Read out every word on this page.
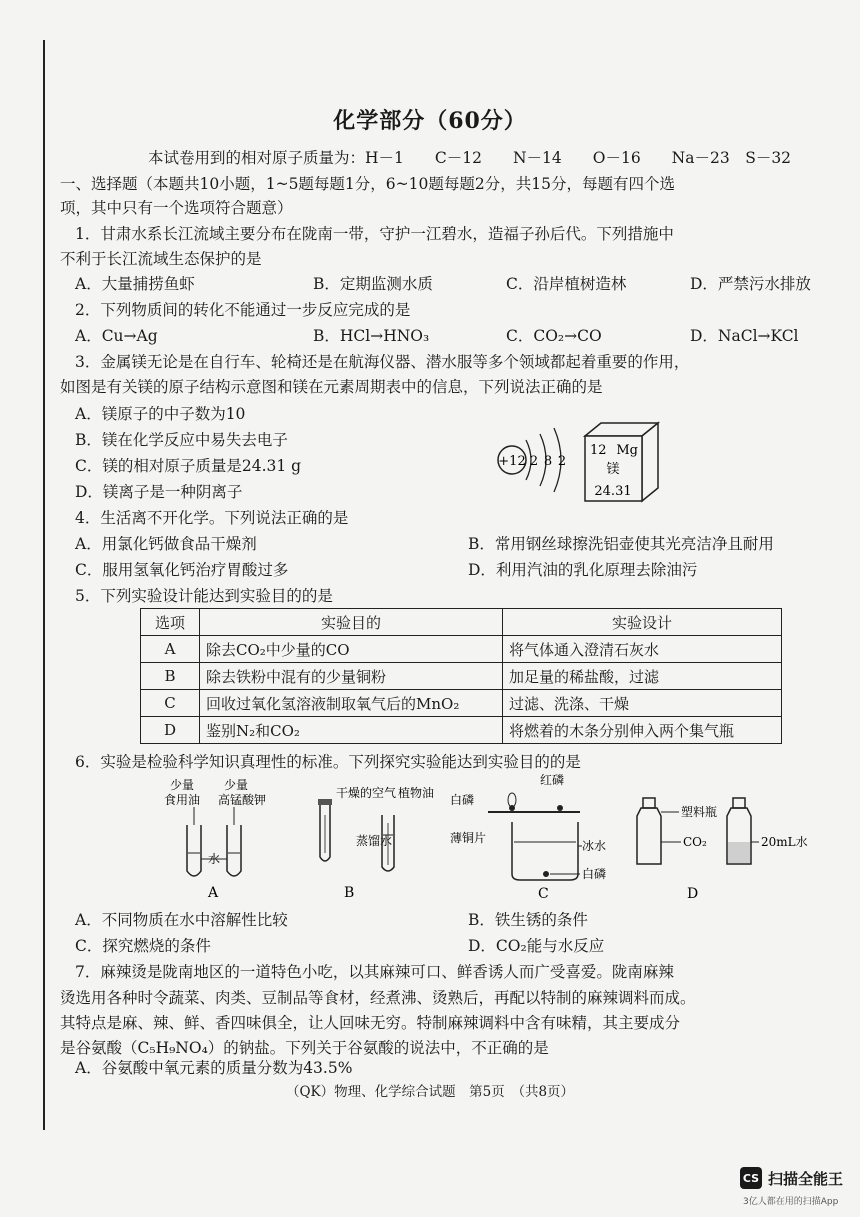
化学部分（60分）
本试卷用到的相对原子质量为：H－1　　C－12　　N－14　　O－16　　Na－23　S－32
一、选择题（本题共10小题，1~5题每题1分，6~10题每题2分，共15分，每题有四个选
项，其中只有一个选项符合题意）
1．甘肃水系长江流域主要分布在陇南一带，守护一江碧水，造福子孙后代。下列措施中
不利于长江流域生态保护的是
A．大量捕捞鱼虾	B．定期监测水质	C．沿岸植树造林	D．严禁污水排放
2．下列物质间的转化不能通过一步反应完成的是
A．Cu→Ag	B．HCl→HNO₃	C．CO₂→CO	D．NaCl→KCl
3．金属镁无论是在自行车、轮椅还是在航海仪器、潜水服等多个领域都起着重要的作用，
如图是有关镁的原子结构示意图和镁在元素周期表中的信息，下列说法正确的是
A．镁原子的中子数为10
B．镁在化学反应中易失去电子
C．镁的相对原子质量是24.31 g
D．镁离子是一种阴离子
+12 2 8 2
12 Mg
镁
24.31
4．生活离不开化学。下列说法正确的是
A．用氯化钙做食品干燥剂	B．常用钢丝球擦洗铝壶使其光亮洁净且耐用
C．服用氢氧化钙治疗胃酸过多	D．利用汽油的乳化原理去除油污
5．下列实验设计能达到实验目的的是
选项	实验目的	实验设计
A	除去CO₂中少量的CO	将气体通入澄清石灰水
B	除去铁粉中混有的少量铜粉	加足量的稀盐酸，过滤
C	回收过氧化氢溶液制取氧气后的MnO₂	过滤、洗涤、干燥
D	鉴别N₂和CO₂	将燃着的木条分别伸入两个集气瓶
6．实验是检验科学知识真理性的标准。下列探究实验能达到实验目的的是
少量
食用油
少量
高锰酸钾
水
A
干燥的空气 植物油
蒸馏水
B
红磷
白磷
薄铜片
冰水
白磷
C
塑料瓶
CO₂	20mL水
D
A．不同物质在水中溶解性比较	B．铁生锈的条件
C．探究燃烧的条件	D．CO₂能与水反应
7．麻辣烫是陇南地区的一道特色小吃，以其麻辣可口、鲜香诱人而广受喜爱。陇南麻辣
烫选用各种时令蔬菜、肉类、豆制品等食材，经煮沸、烫熟后，再配以特制的麻辣调料而成。
其特点是麻、辣、鲜、香四味俱全，让人回味无穷。特制麻辣调料中含有味精，其主要成分
是谷氨酸（C₅H₉NO₄）的钠盐。下列关于谷氨酸的说法中，不正确的是
A．谷氨酸中氧元素的质量分数为43.5%
（QK）物理、化学综合试题　第5页　（共8页）
CS 扫描全能王
3亿人都在用的扫描App
